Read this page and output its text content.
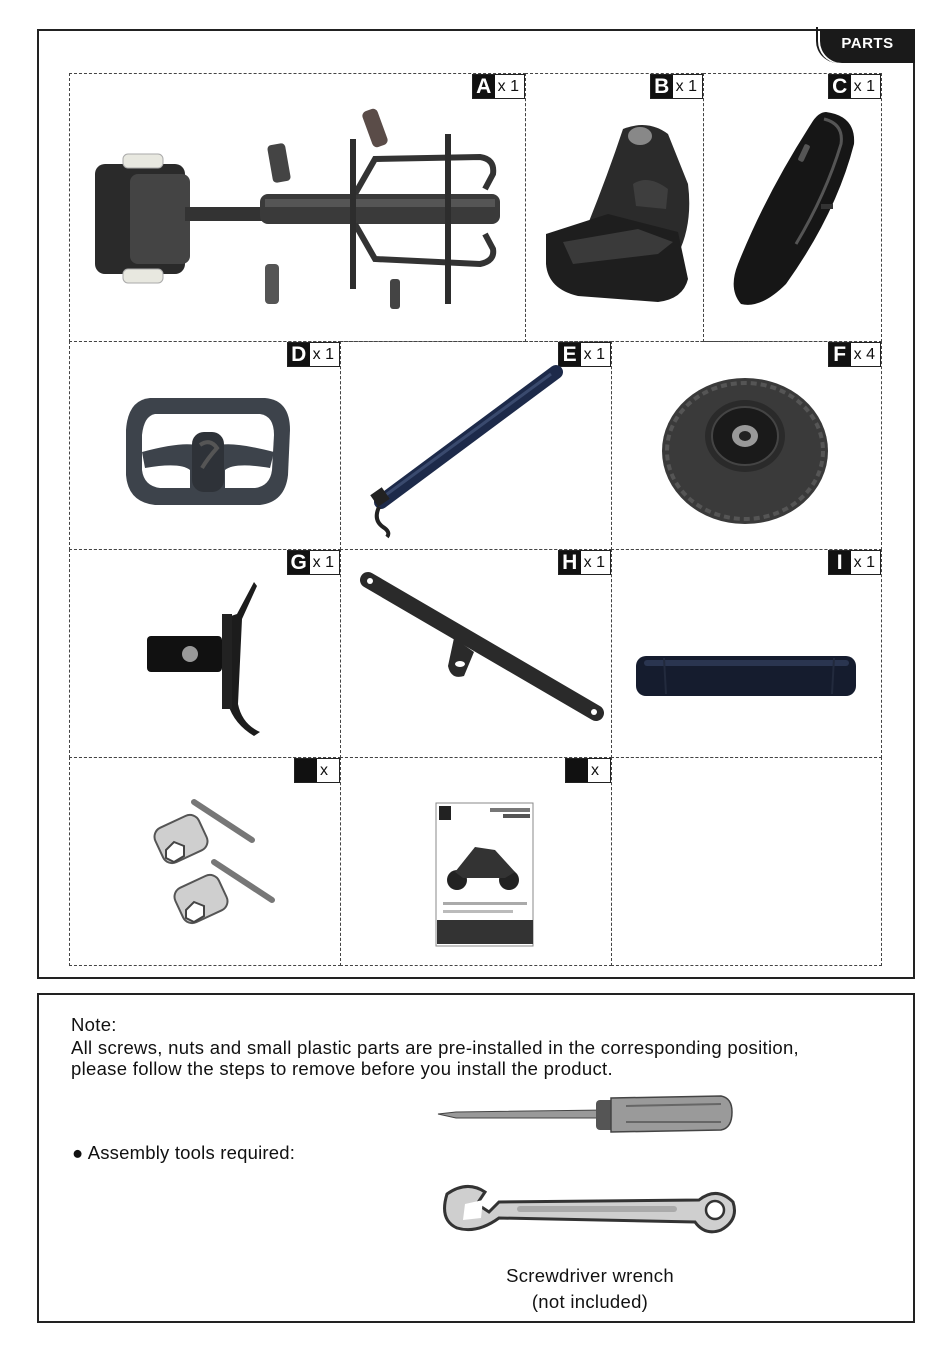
PARTS
A x 1	B x 1	C x 1
D x 1	E x 1	F x 4
G x 1	H x 1	I x 1
x	x
Note:
All screws, nuts and small plastic parts are pre-installed in the corresponding position,
please follow the steps to remove before you install the product.
● Assembly tools required:
Screwdriver wrench
(not included)
